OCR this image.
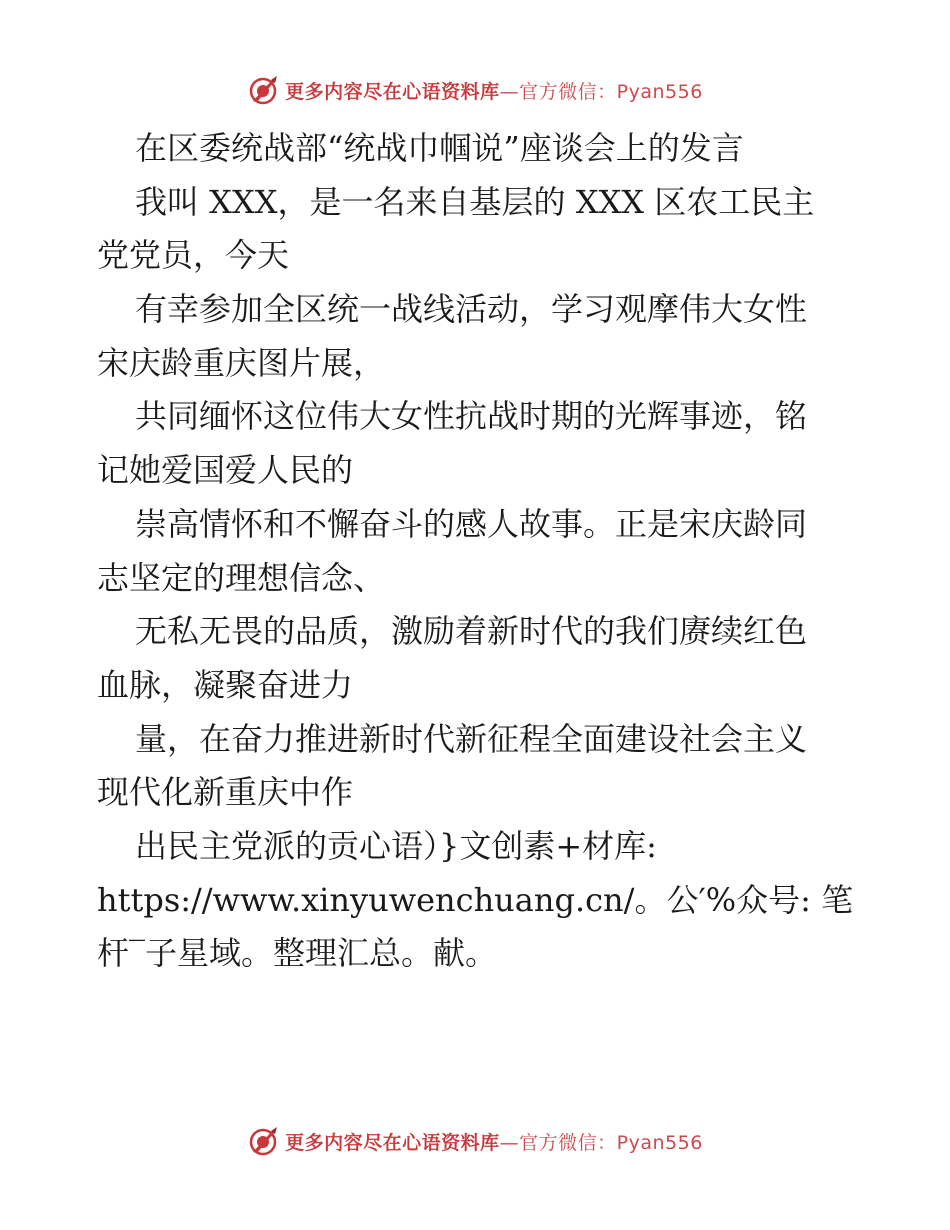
更多内容尽在心语资料库—官方微信：Pyan556
在区委统战部“统战巾帼说”座谈会上的发言
我叫 XXX，是一名来自基层的 XXX 区农工民主
党党员，今天
有幸参加全区统一战线活动，学习观摩伟大女性
宋庆龄重庆图片展，
共同缅怀这位伟大女性抗战时期的光辉事迹，铭
记她爱国爱人民的
崇高情怀和不懈奋斗的感人故事。正是宋庆龄同
志坚定的理想信念、
无私无畏的品质，激励着新时代的我们赓续红色
血脉，凝聚奋进力
量，在奋力推进新时代新征程全面建设社会主义
现代化新重庆中作
出民主党派的贡心语）}文创素+材库:
https://www.xinyuwenchuang.cn/。公′%众号: 笔
杆‾子星域。整理汇总。献。
更多内容尽在心语资料库—官方微信：Pyan556
